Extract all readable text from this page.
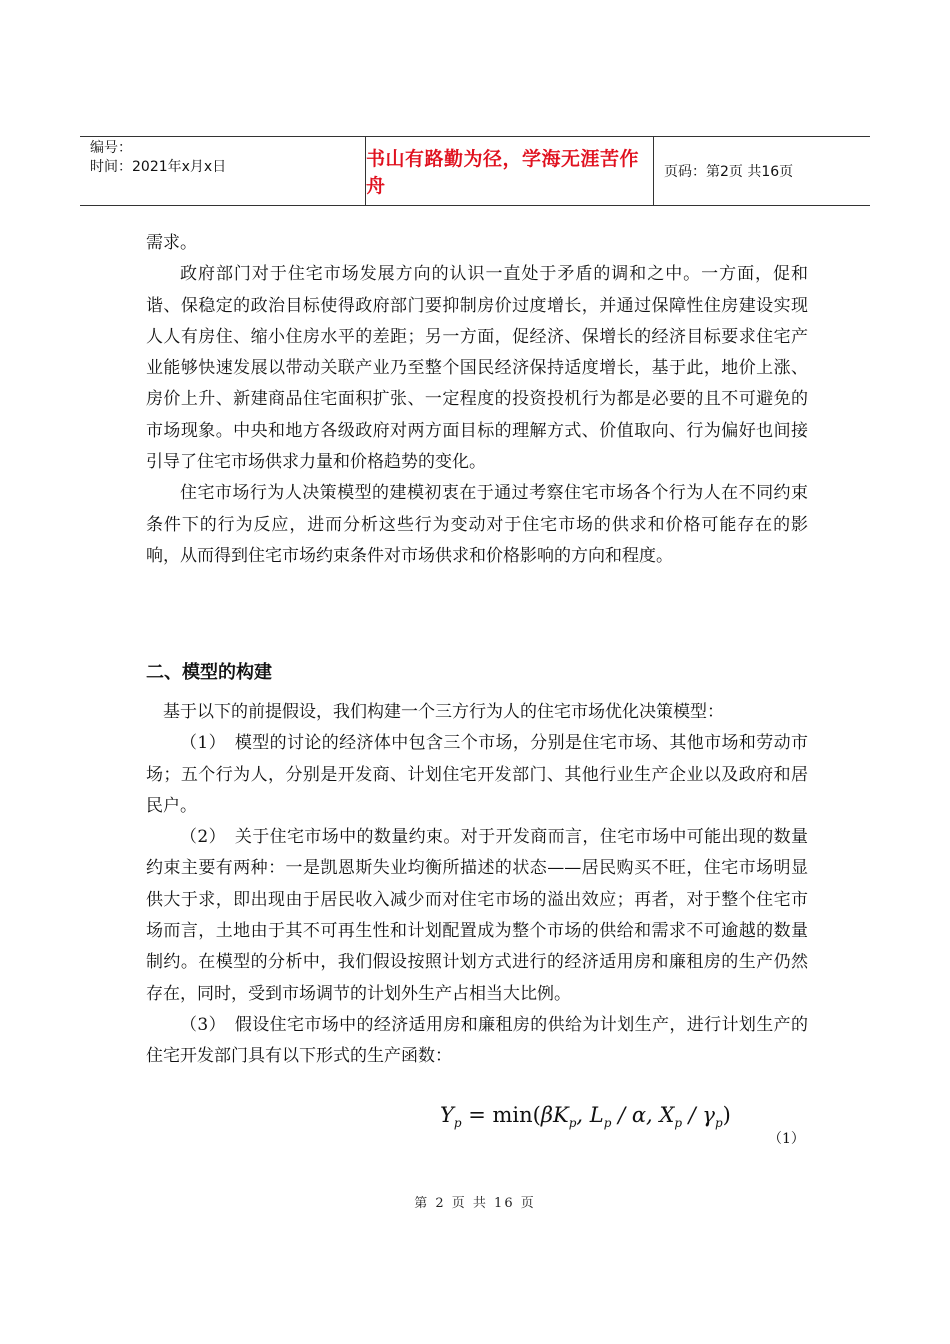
编号：
时间：2021年x月x日	书山有路勤为径，学海无涯苦作舟
页码：第2页 共16页

需求。

政府部门对于住宅市场发展方向的认识一直处于矛盾的调和之中。一方面，促和谐、保稳定的政治目标使得政府部门要抑制房价过度增长，并通过保障性住房建设实现人人有房住、缩小住房水平的差距；另一方面，促经济、保增长的经济目标要求住宅产业能够快速发展以带动关联产业乃至整个国民经济保持适度增长，基于此，地价上涨、房价上升、新建商品住宅面积扩张、一定程度的投资投机行为都是必要的且不可避免的市场现象。中央和地方各级政府对两方面目标的理解方式、价值取向、行为偏好也间接引导了住宅市场供求力量和价格趋势的变化。

住宅市场行为人决策模型的建模初衷在于通过考察住宅市场各个行为人在不同约束条件下的行为反应，进而分析这些行为变动对于住宅市场的供求和价格可能存在的影响，从而得到住宅市场约束条件对市场供求和价格影响的方向和程度。

二、模型的构建

基于以下的前提假设，我们构建一个三方行为人的住宅市场优化决策模型：

（1）　模型的讨论的经济体中包含三个市场，分别是住宅市场、其他市场和劳动市场；五个行为人，分别是开发商、计划住宅开发部门、其他行业生产企业以及政府和居民户。

（2）　关于住宅市场中的数量约束。对于开发商而言，住宅市场中可能出现的数量约束主要有两种：一是凯恩斯失业均衡所描述的状态——居民购买不旺，住宅市场明显供大于求，即出现由于居民收入减少而对住宅市场的溢出效应；再者，对于整个住宅市场而言，土地由于其不可再生性和计划配置成为整个市场的供给和需求不可逾越的数量制约。在模型的分析中，我们假设按照计划方式进行的经济适用房和廉租房的生产仍然存在，同时，受到市场调节的计划外生产占相当大比例。

（3）　假设住宅市场中的经济适用房和廉租房的供给为计划生产，进行计划生产的住宅开发部门具有以下形式的生产函数：

$Y_p = \min(\beta K_p$, $L_p$ / α, $X_p / \gamma_p$)
（1）
第 2 页 共 16 页
